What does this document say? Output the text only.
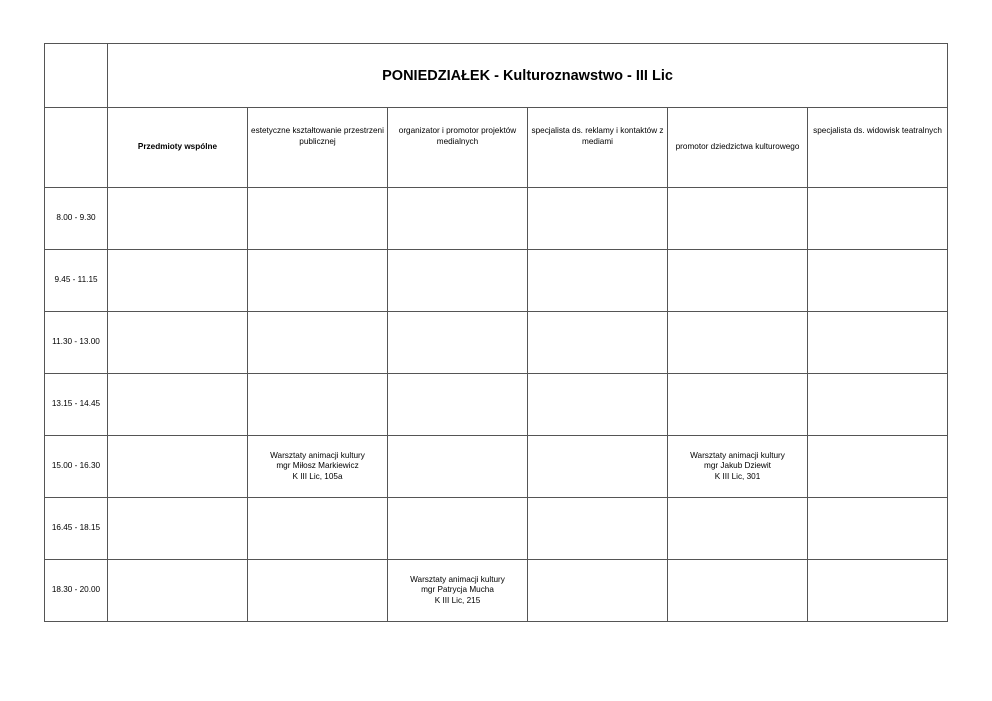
	PONIEDZIAŁEK - Kulturoznawstwo - III Lic					
	Przedmioty wspólne	estetyczne kształtowanie przestrzeni publicznej	organizator i promotor projektów medialnych	specjalista ds. reklamy i kontaktów z mediami	promotor dziedzictwa kulturowego	specjalista ds. widowisk teatralnych
8.00 - 9.30						
9.45 - 11.15						
11.30 - 13.00						
13.15 - 14.45						
15.00 - 16.30		Warsztaty animacji kultury
mgr Miłosz Markiewicz
K III Lic, 105a			Warsztaty animacji kultury
mgr Jakub Dziewit
K III Lic, 301	

16.45 - 18.15						
18.30 - 20.00			Warsztaty animacji kultury
mgr Patrycja Mucha
K III Lic, 215			
